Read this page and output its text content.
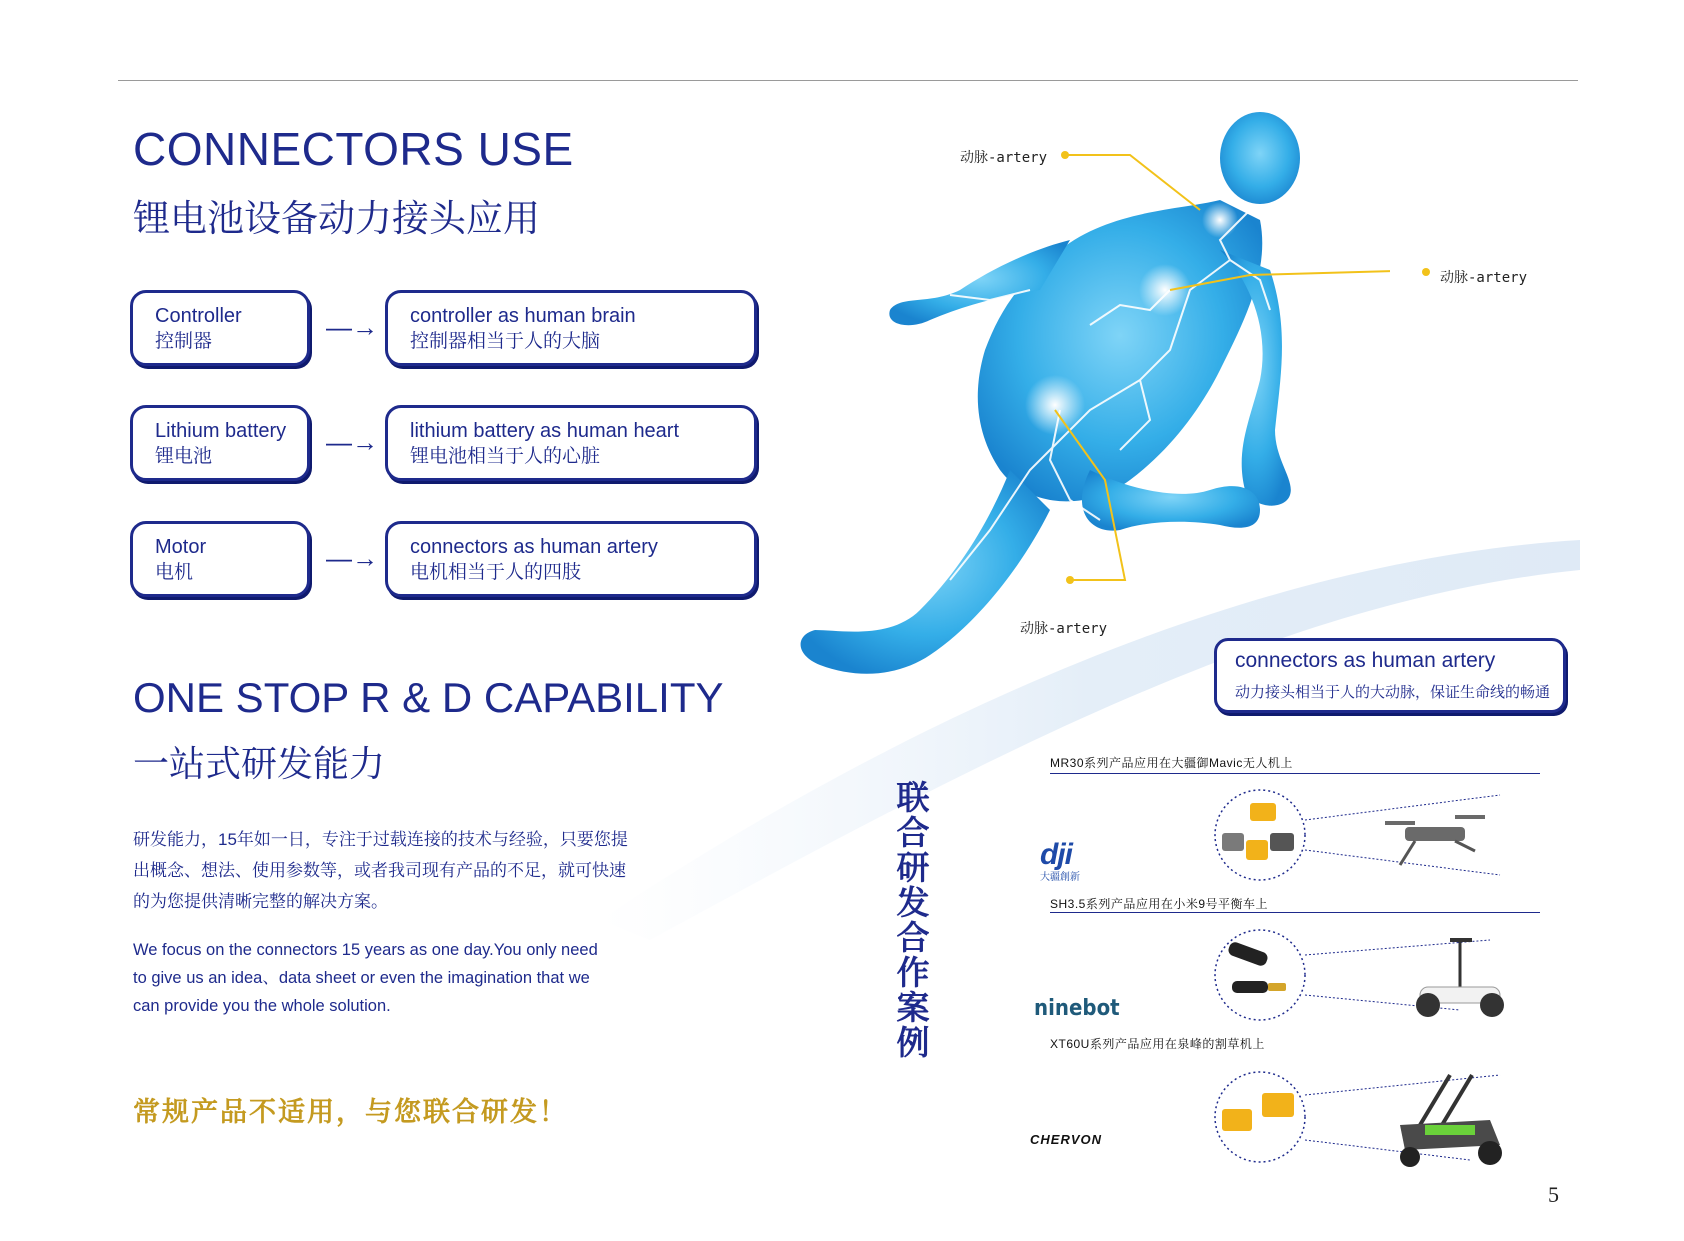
CONNECTORS USE
锂电池设备动力接头应用
Controller
控制器	—→ controller as human brain
控制器相当于人的大脑
Lithium battery
锂电池	—→ lithium battery as human heart
锂电池相当于人的心脏
Motor
电机	—→ connectors as human artery
电机相当于人的四肢
ONE STOP R & D CAPABILITY
一站式研发能力
研发能力，15年如一日，专注于过载连接的技术与经验，只要您提出概念、想法、使用参数等，或者我司现有产品的不足，就可快速的为您提供清晰完整的解决方案。
We focus on the connectors 15 years as one day.You only need to give us an idea、data sheet or even the imagination that we can provide you the whole solution.
常规产品不适用，与您联合研发！
动脉-artery
动脉-artery
动脉-artery
connectors as human artery
动力接头相当于人的大动脉，保证生命线的畅通
联合研发合作案例
MR30系列产品应用在大疆御Mavic无人机上
SH3.5系列产品应用在小米9号平衡车上
XT60U系列产品应用在泉峰的割草机上
dji
大疆創新
ninebot
CHERVON
5
